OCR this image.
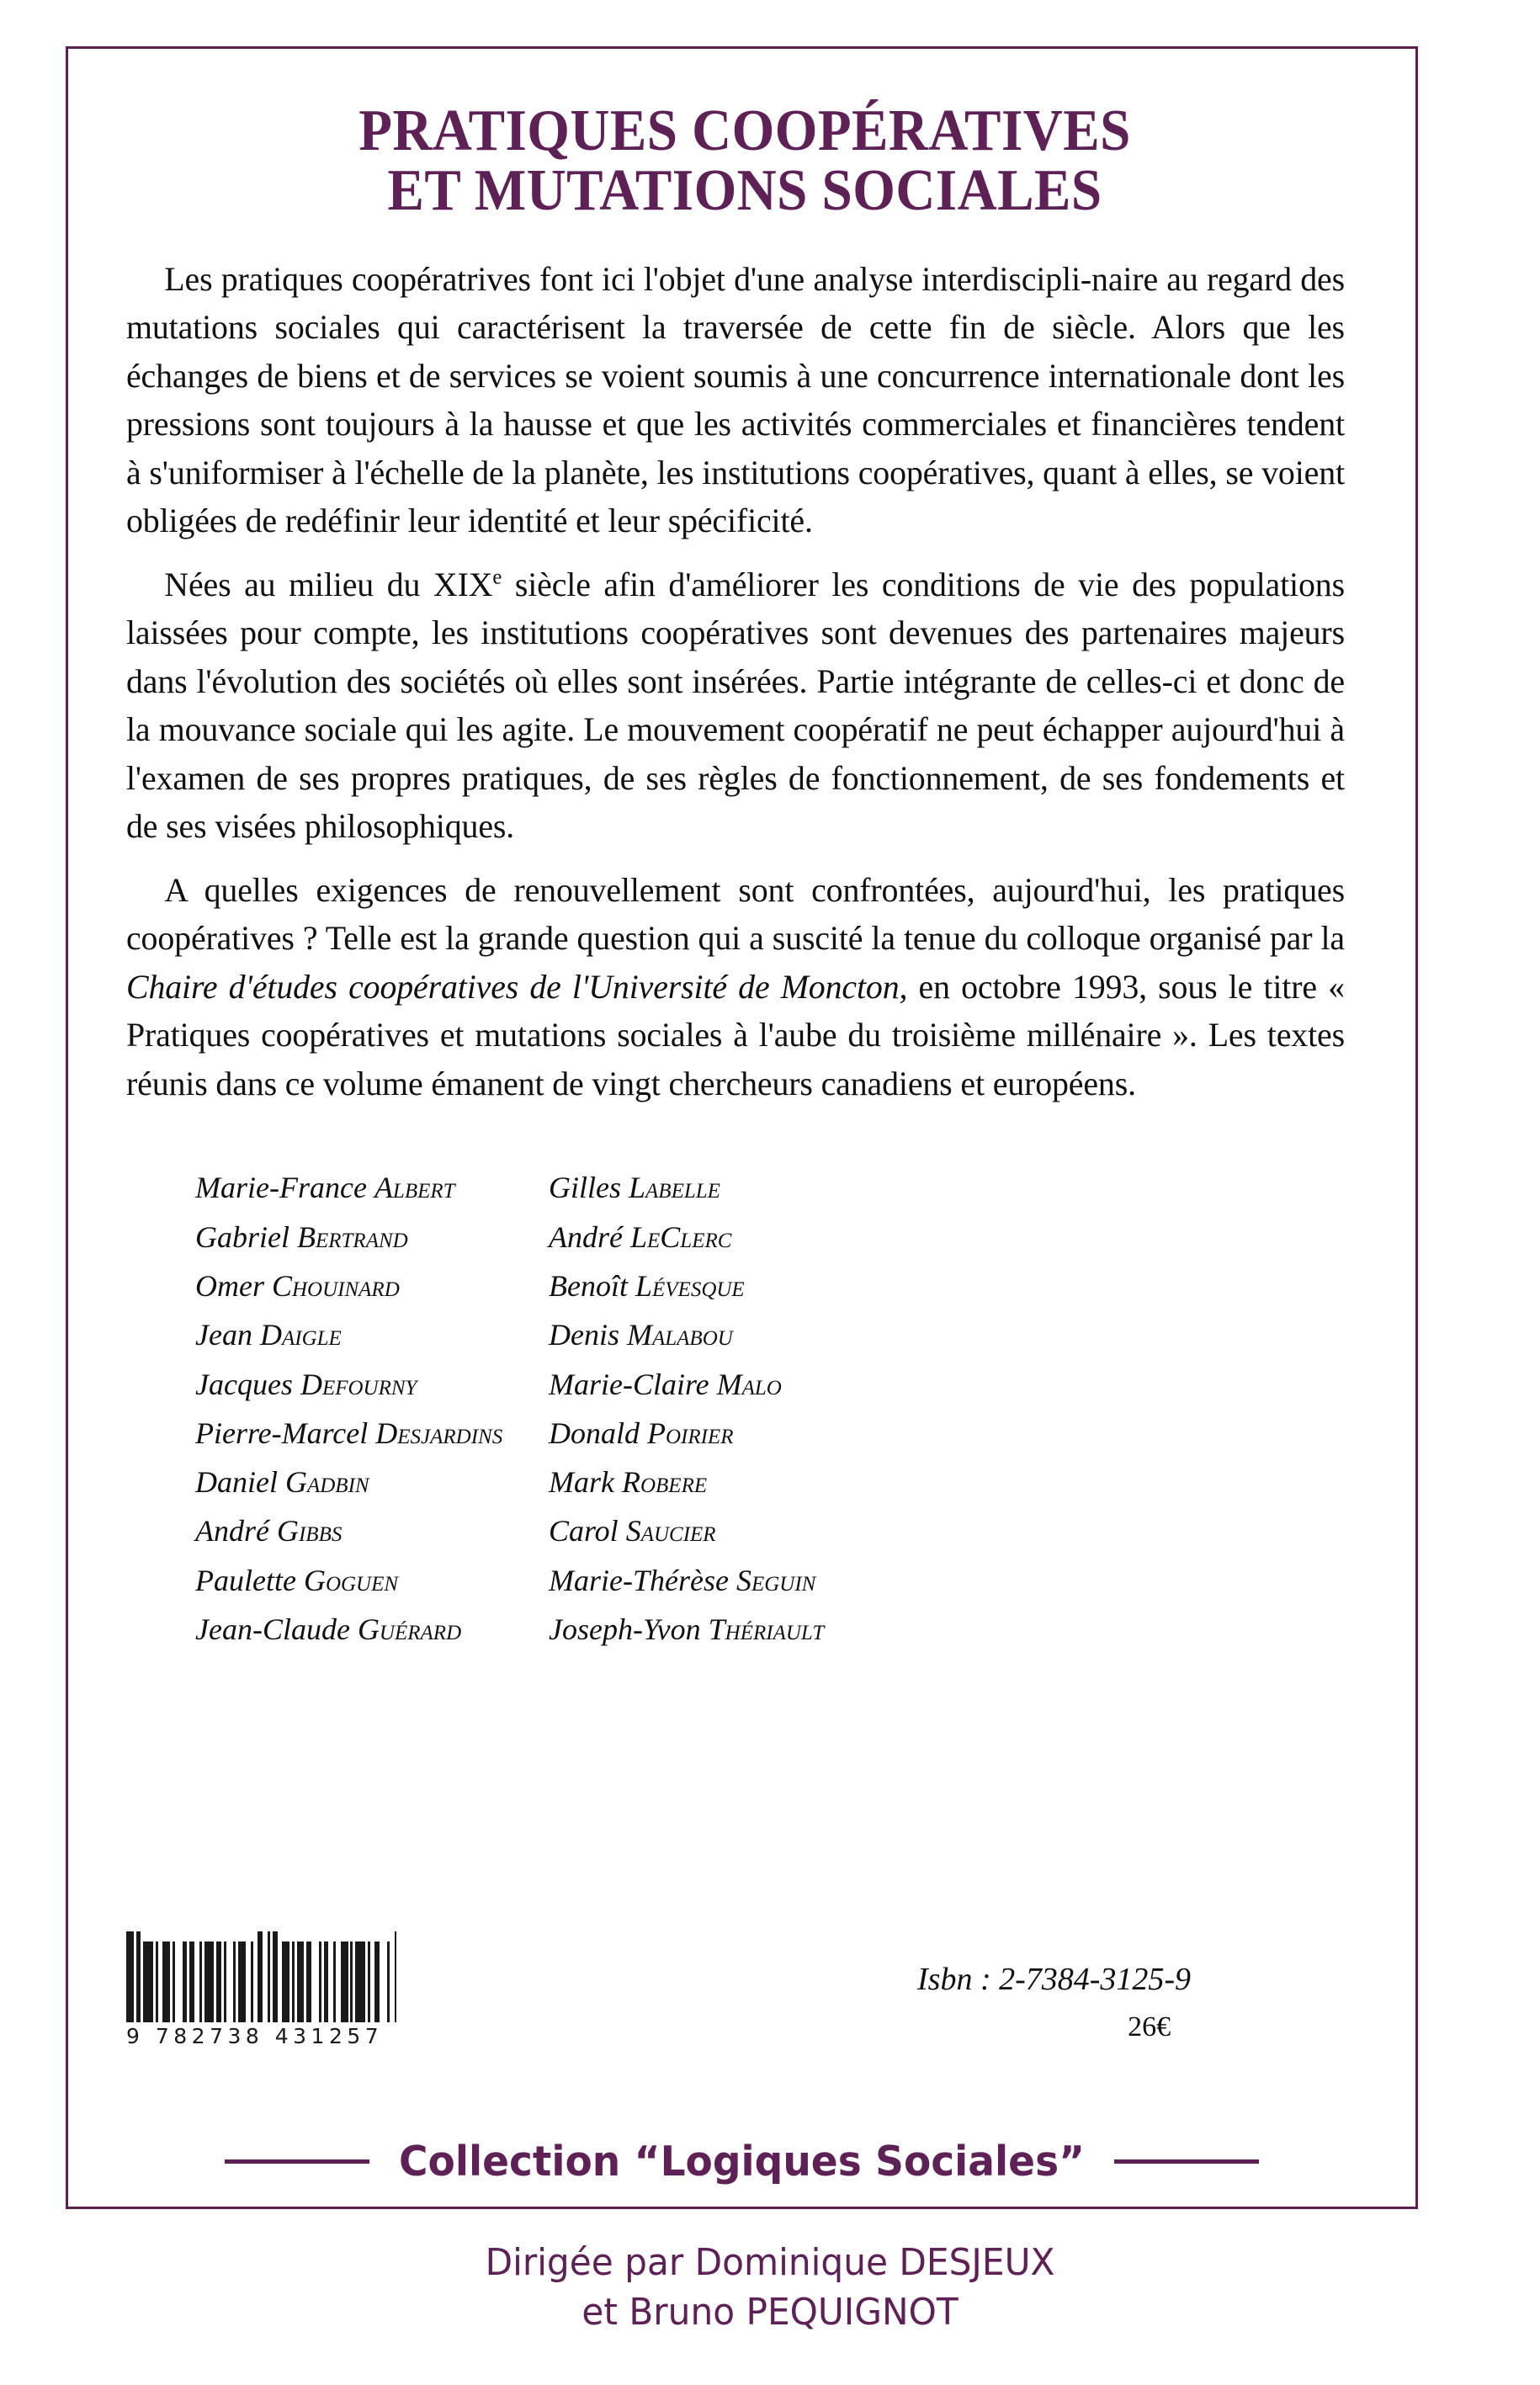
PRATIQUES COOPÉRATIVES
ET MUTATIONS SOCIALES

Les pratiques coopératrives font ici l'objet d'une analyse interdiscipli-naire au regard des mutations sociales qui caractérisent la traversée de cette fin de siècle. Alors que les échanges de biens et de services se voient soumis à une concurrence internationale dont les pressions sont toujours à la hausse et que les activités commerciales et financières tendent à s'uniformiser à l'échelle de la planète, les institutions coopératives, quant à elles, se voient obligées de redéfinir leur identité et leur spécificité.

Nées au milieu du XIXe siècle afin d'améliorer les conditions de vie des populations laissées pour compte, les institutions coopératives sont devenues des partenaires majeurs dans l'évolution des sociétés où elles sont insérées. Partie intégrante de celles-ci et donc de la mouvance sociale qui les agite. Le mouvement coopératif ne peut échapper aujourd'hui à l'examen de ses propres pratiques, de ses règles de fonctionnement, de ses fondements et de ses visées philosophiques.

A quelles exigences de renouvellement sont confrontées, aujourd'hui, les pratiques coopératives ? Telle est la grande question qui a suscité la tenue du colloque organisé par la Chaire d'études coopératives de l'Université de Moncton, en octobre 1993, sous le titre « Pratiques coopératives et mutations sociales à l'aube du troisième millénaire ». Les textes réunis dans ce volume émanent de vingt chercheurs canadiens et européens.

Marie-France Albert
Gabriel Bertrand
Omer Chouinard
Jean Daigle
Jacques Defourny
Pierre-Marcel Desjardins
Daniel Gadbin
André Gibbs
Paulette Goguen
Jean-Claude Guérard
Gilles Labelle
André LeClerc
Benoît Lévesque
Denis Malabou
Marie-Claire Malo
Donald Poirier
Mark Robere
Carol Saucier
Marie-Thérèse Seguin
Joseph-Yvon Thériault
9 782738 431257
Isbn : 2-7384-3125-9
26€
Collection “Logiques Sociales”
Dirigée par Dominique DESJEUX
et Bruno PEQUIGNOT
